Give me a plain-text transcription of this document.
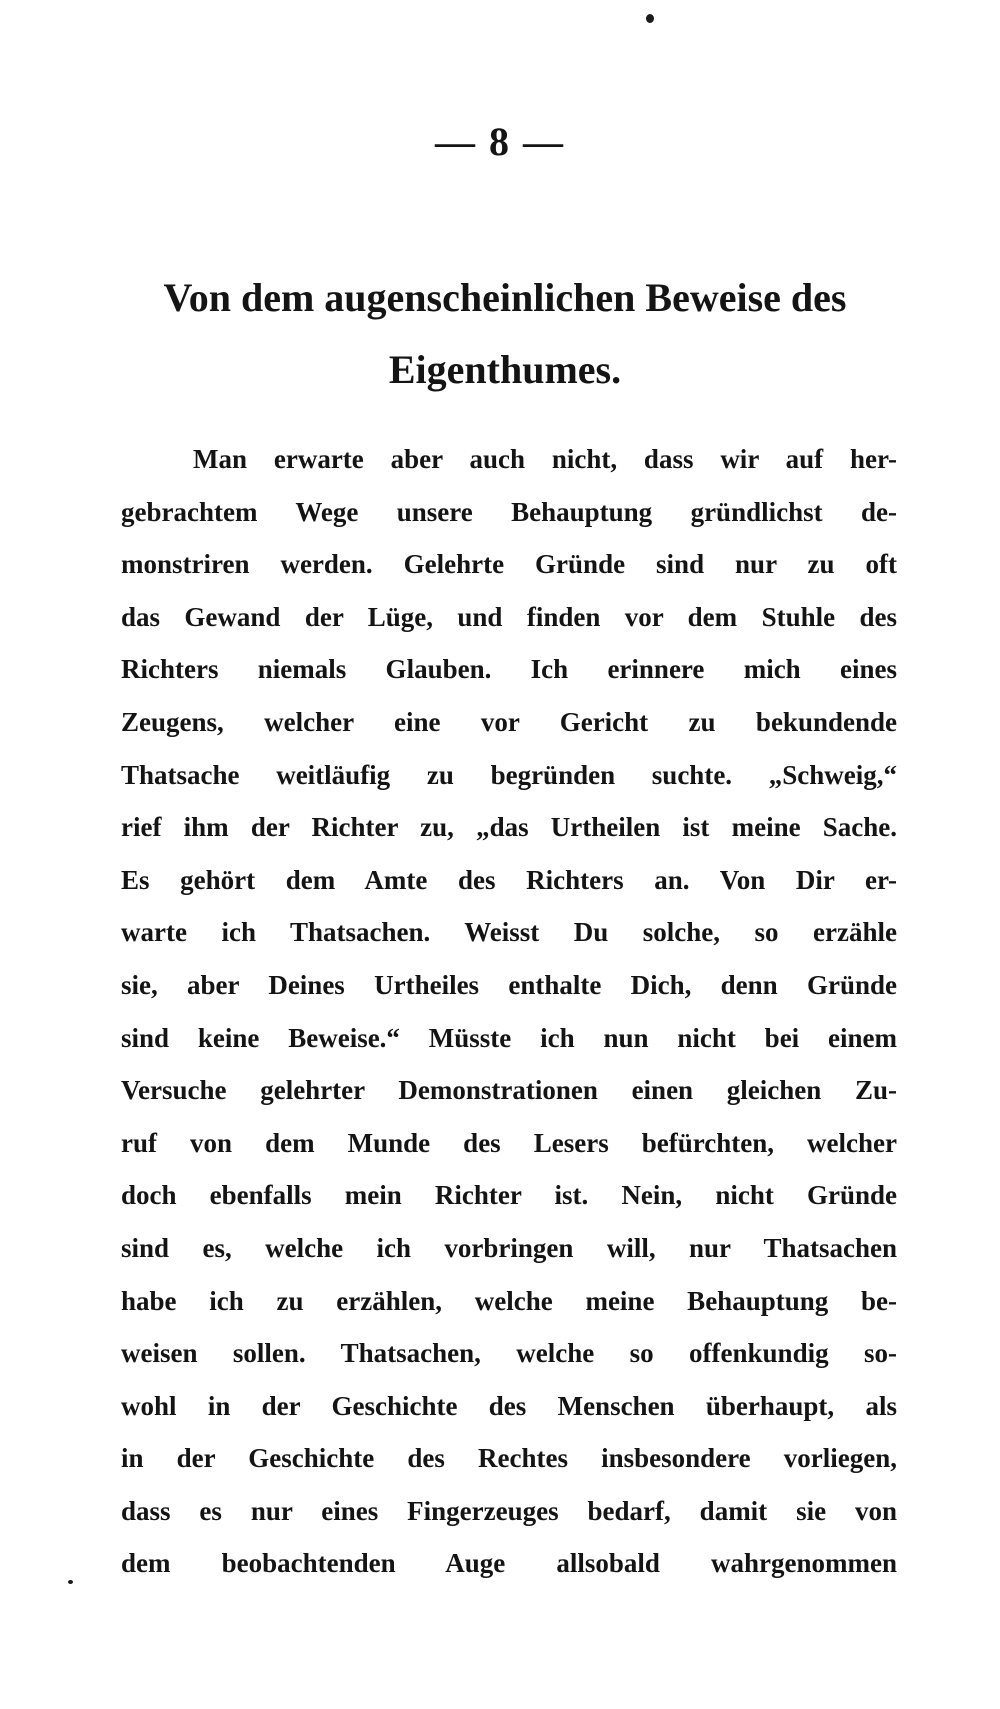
— 8 —
Von dem augenscheinlichen Beweise des
Eigenthumes.
Man erwarte aber auch nicht, dass wir auf her-
gebrachtem Wege unsere Behauptung gründlichst de-
monstriren werden. Gelehrte Gründe sind nur zu oft
das Gewand der Lüge, und finden vor dem Stuhle des
Richters niemals Glauben. Ich erinnere mich eines
Zeugens, welcher eine vor Gericht zu bekundende
Thatsache weitläufig zu begründen suchte. „Schweig,“
rief ihm der Richter zu, „das Urtheilen ist meine Sache.
Es gehört dem Amte des Richters an. Von Dir er-
warte ich Thatsachen. Weisst Du solche, so erzähle
sie, aber Deines Urtheiles enthalte Dich, denn Gründe
sind keine Beweise.“ Müsste ich nun nicht bei einem
Versuche gelehrter Demonstrationen einen gleichen Zu-
ruf von dem Munde des Lesers befürchten, welcher
doch ebenfalls mein Richter ist. Nein, nicht Gründe
sind es, welche ich vorbringen will, nur Thatsachen
habe ich zu erzählen, welche meine Behauptung be-
weisen sollen. Thatsachen, welche so offenkundig so-
wohl in der Geschichte des Menschen überhaupt, als
in der Geschichte des Rechtes insbesondere vorliegen,
dass es nur eines Fingerzeuges bedarf, damit sie von
dem beobachtenden Auge allsobald wahrgenommen
